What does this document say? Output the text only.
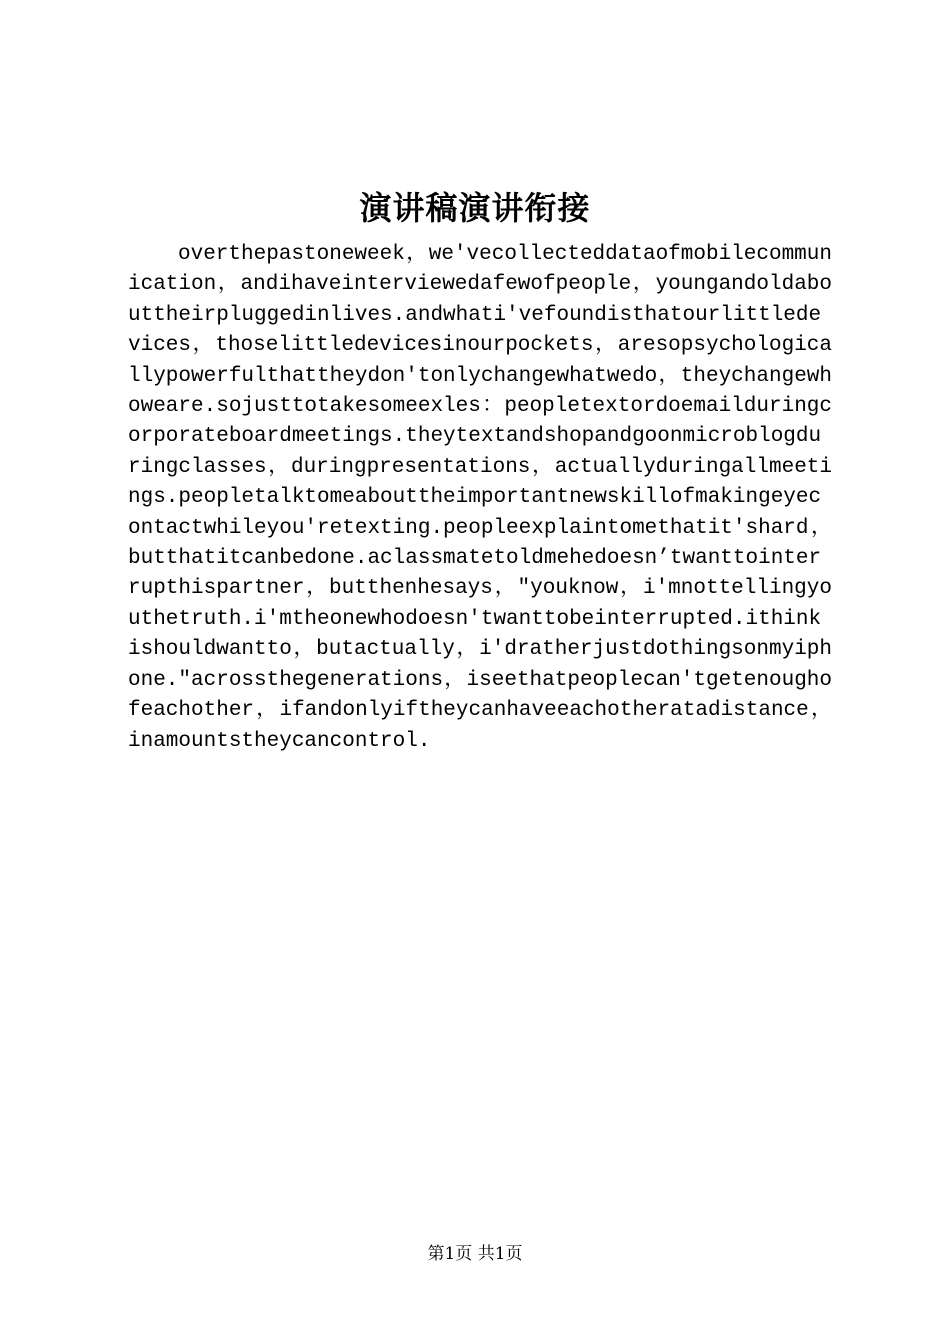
演讲稿演讲衔接

overthepastoneweek，we'vecollecteddataofmobilecommunication，andihaveinterviewedafewofpeople，youngandoldabouttheirpluggedinlives.andwhati'vefoundisthatourlittledevices，thoselittledevicesinourpockets，aresopsychologicallypowerfulthattheydon'tonlychangewhatwedo，theychangewhoweare.sojusttotakesomeexles：peopletextordoemailduringcorporateboardmeetings.theytextandshopandgoonmicroblogduringclasses，duringpresentations，actuallyduringallmeetings.peopletalktomeabouttheimportantnewskillofmakingeyecontactwhileyou'retexting.peopleexplaintomethatit'shard，butthatitcanbedone.aclassmatetoldmehedoesn’twanttointerrupthispartner，butthenhesays，"youknow，i'mnottellingyouthetruth.i'mtheonewhodoesn'twanttobeinterrupted.ithinkishouldwantto，butactually，i'dratherjustdothingsonmyiphone."acrossthegenerations，iseethatpeoplecan'tgetenoughofeachother，ifandonlyiftheycanhaveeachotheratadistance，inamountstheycancontrol.

第1页 共1页
